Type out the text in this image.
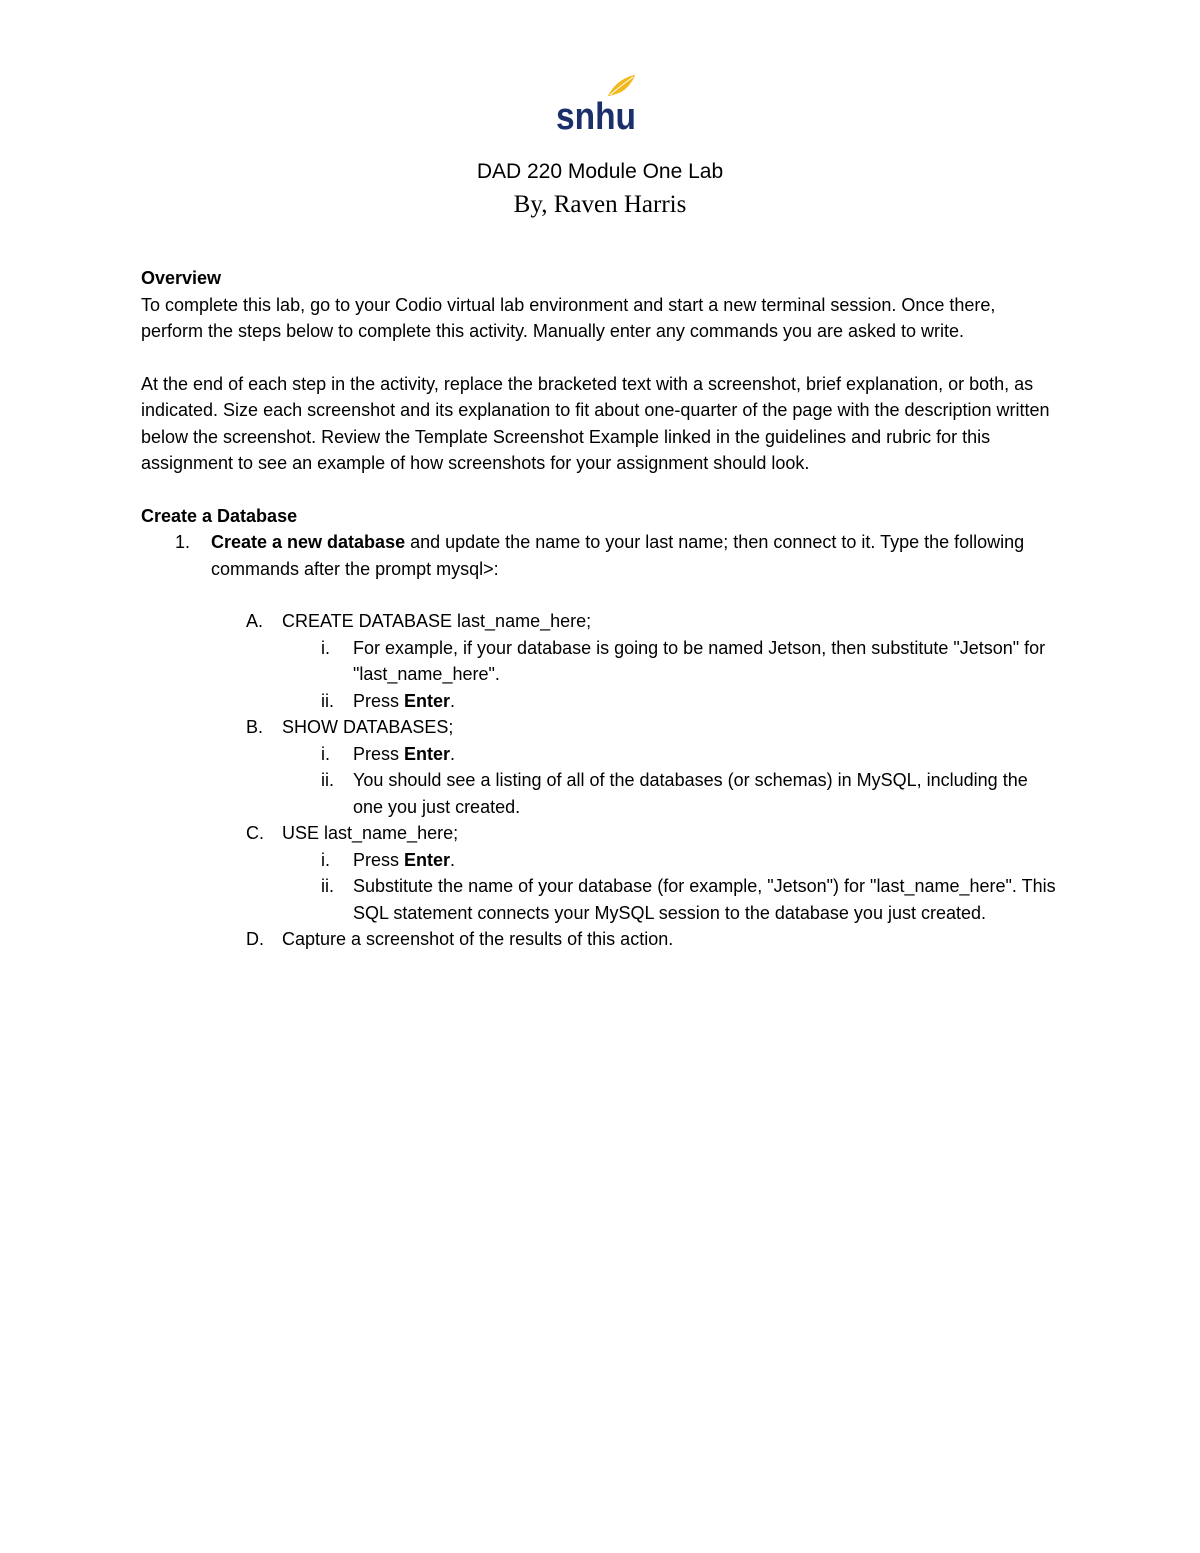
snhu
DAD 220 Module One Lab
By, Raven Harris

Overview

To complete this lab, go to your Codio virtual lab environment and start a new terminal session. Once there, perform the steps below to complete this activity. Manually enter any commands you are asked to write.

At the end of each step in the activity, replace the bracketed text with a screenshot, brief explanation, or both, as indicated. Size each screenshot and its explanation to fit about one-quarter of the page with the description written below the screenshot. Review the Template Screenshot Example linked in the guidelines and rubric for this assignment to see an example of how screenshots for your assignment should look.

Create a Database

1. Create a new database and update the name to your last name; then connect to it. Type the following commands after the prompt mysql>:
A. CREATE DATABASE last_name_here;
i. For example, if your database is going to be named Jetson, then substitute "Jetson" for "last_name_here".
ii. Press Enter.
B. SHOW DATABASES;
i. Press Enter.
ii. You should see a listing of all of the databases (or schemas) in MySQL, including the one you just created.
C. USE last_name_here;
i. Press Enter.
ii. Substitute the name of your database (for example, "Jetson") for "last_name_here". This SQL statement connects your MySQL session to the database you just created.
D. Capture a screenshot of the results of this action.
